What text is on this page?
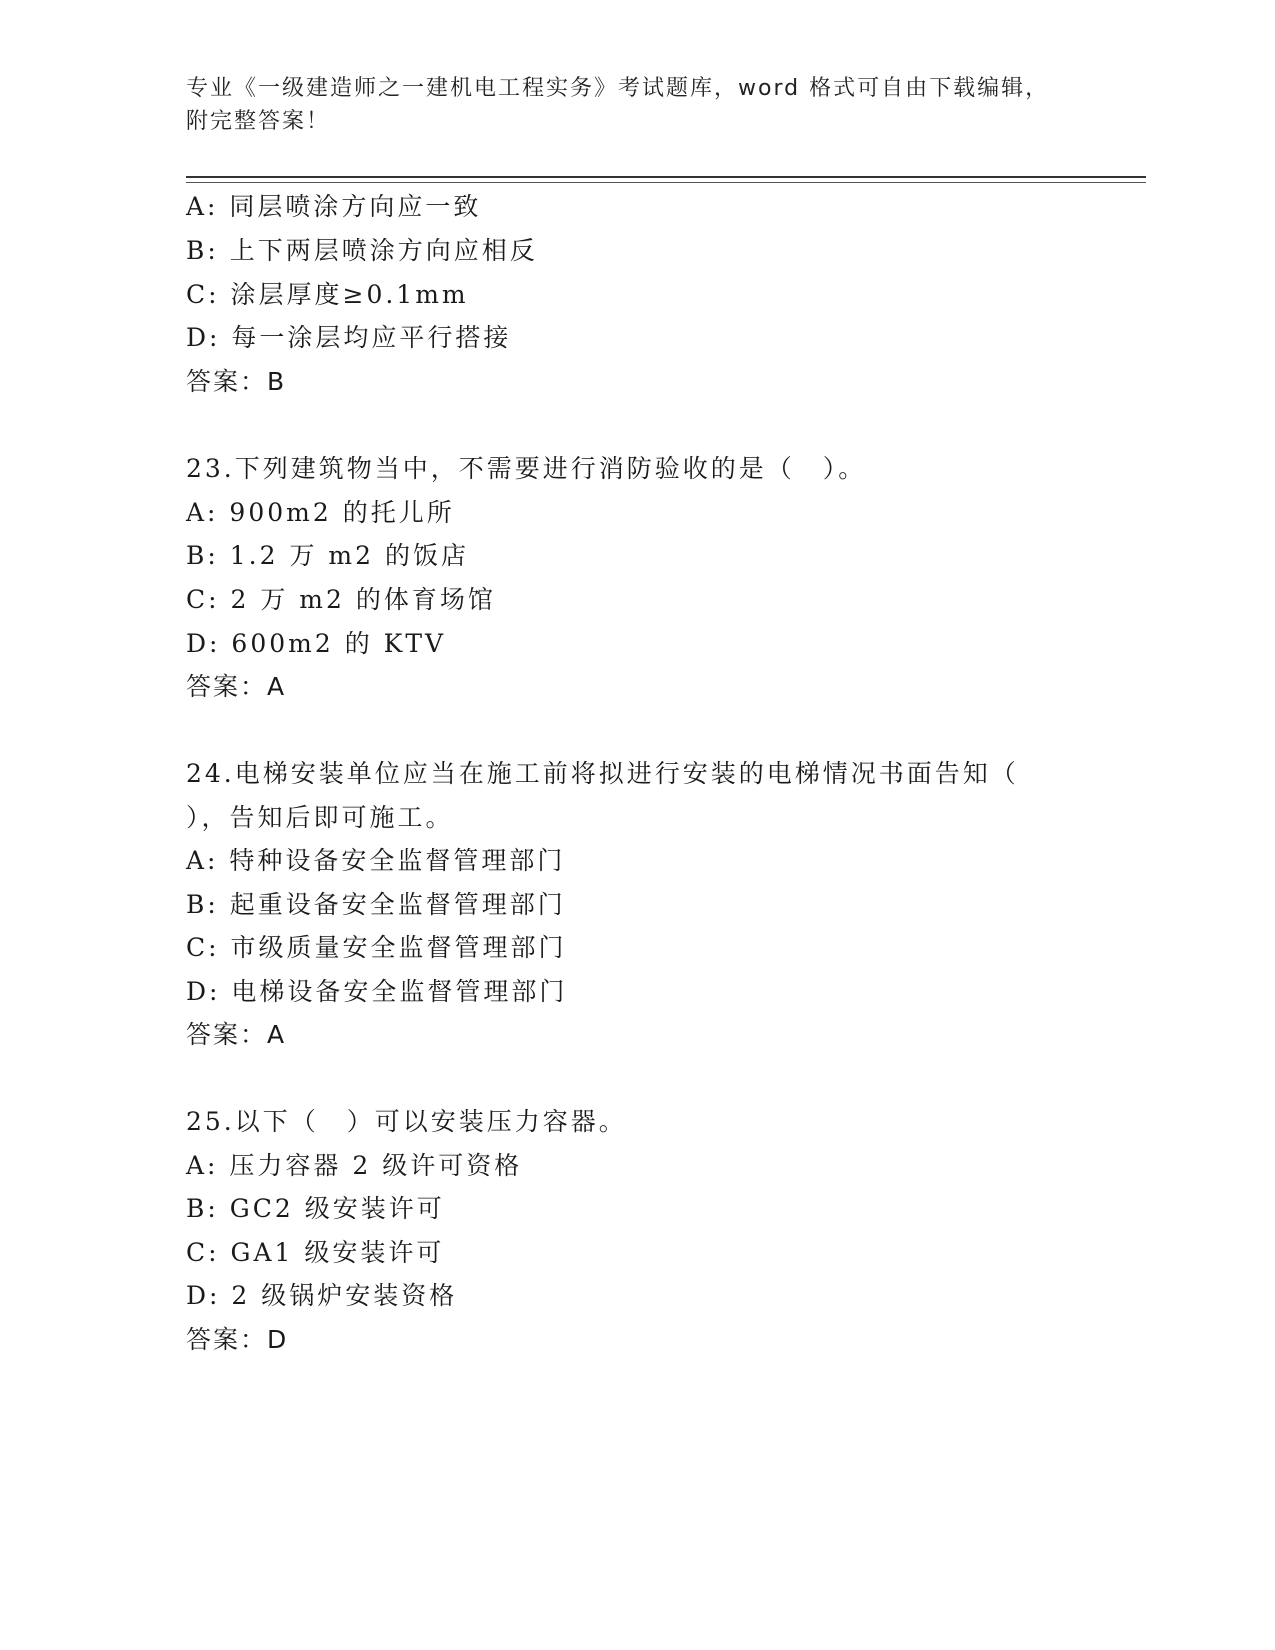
专业《一级建造师之一建机电工程实务》考试题库，word 格式可自由下载编辑，
附完整答案！
A: 同层喷涂方向应一致
B: 上下两层喷涂方向应相反
C: 涂层厚度≥0.1mm
D: 每一涂层均应平行搭接
答案：B
23.下列建筑物当中，不需要进行消防验收的是（　）。
A: 900m2 的托儿所
B: 1.2 万 m2 的饭店
C: 2 万 m2 的体育场馆
D: 600m2 的 KTV
答案：A
24.电梯安装单位应当在施工前将拟进行安装的电梯情况书面告知（
），告知后即可施工。
A: 特种设备安全监督管理部门
B: 起重设备安全监督管理部门
C: 市级质量安全监督管理部门
D: 电梯设备安全监督管理部门
答案：A
25.以下（　）可以安装压力容器。
A: 压力容器 2 级许可资格
B: GC2 级安装许可
C: GA1 级安装许可
D: 2 级锅炉安装资格
答案：D
